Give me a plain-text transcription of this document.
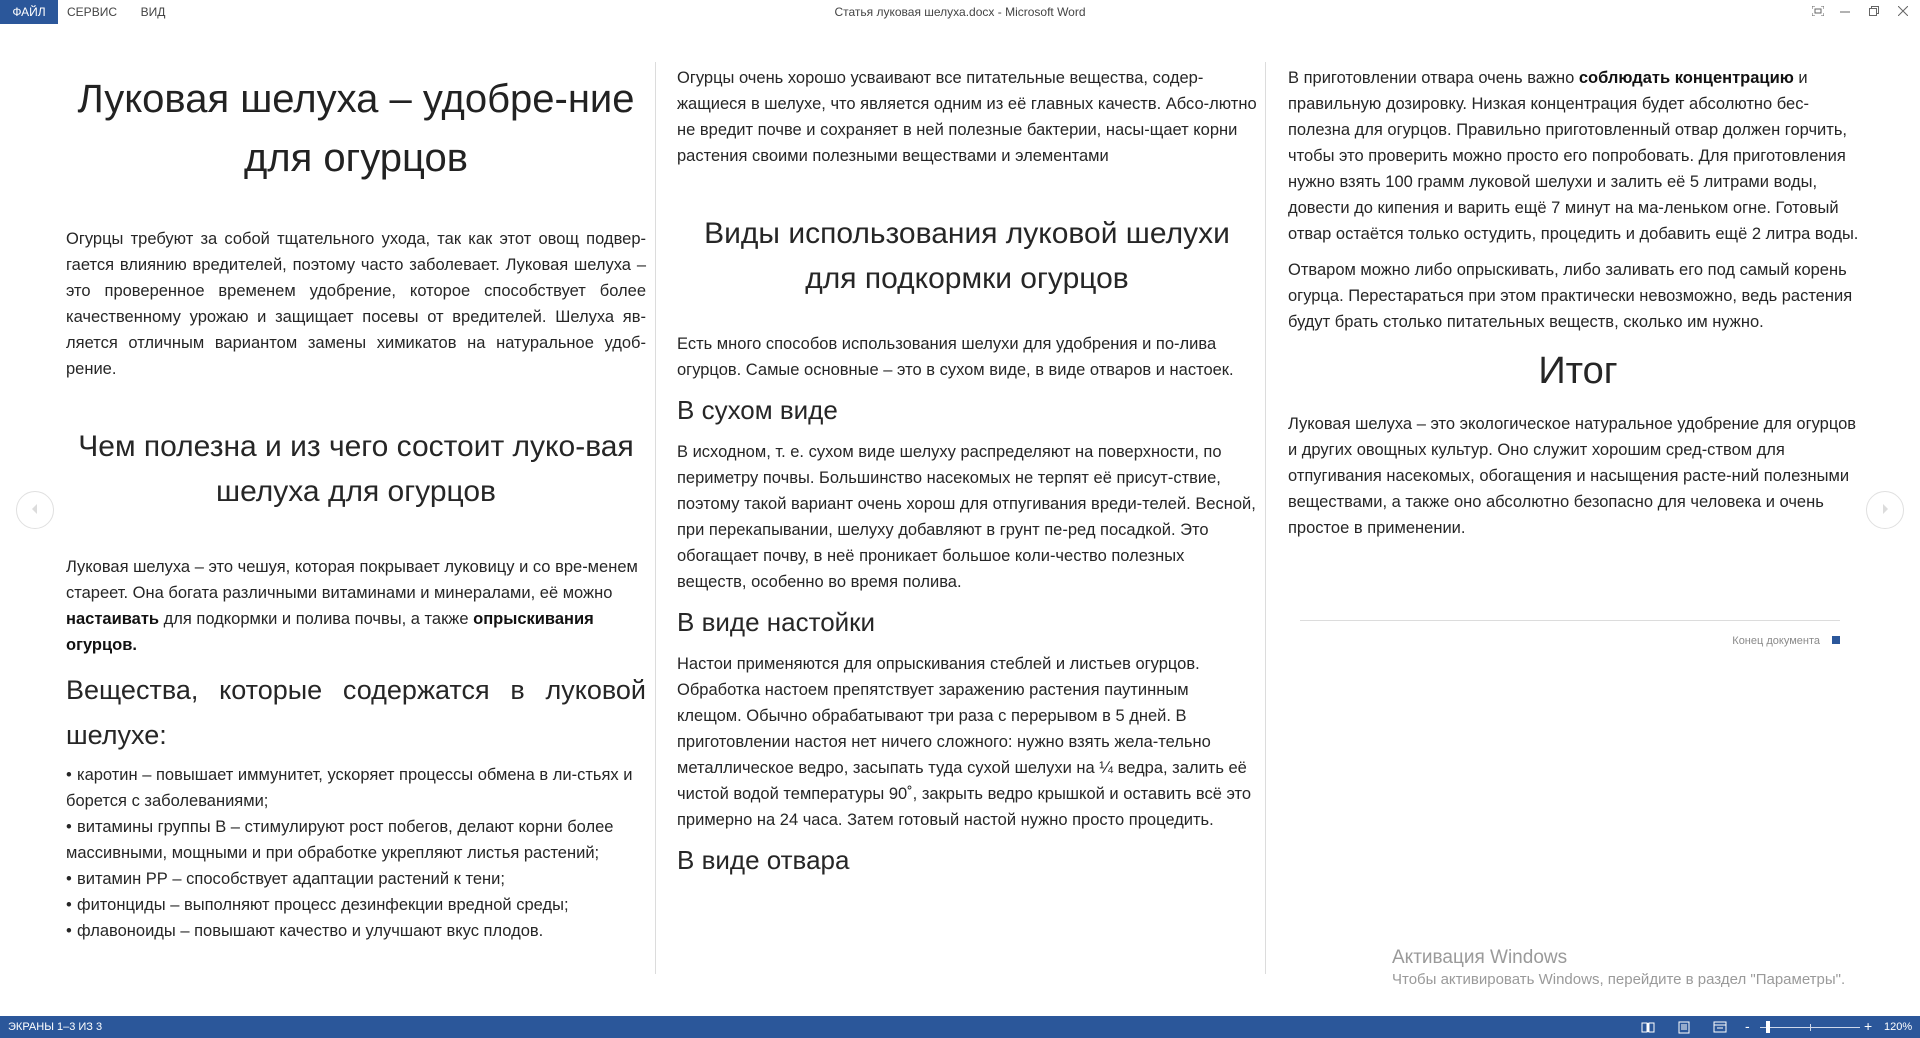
ФАЙЛ	СЕРВИС	ВИД	Статья луковая шелуха.docx - Microsoft Word
Луковая шелуха – удобре-ние для огурцов

Огурцы требуют за собой тщательного ухода, так как этот овощ подвер-гается влиянию вредителей, поэтому часто заболевает. Луковая шелуха – это проверенное временем удобрение, которое способствует более качественному урожаю и защищает посевы от вредителей. Шелуха яв-ляется отличным вариантом замены химикатов на натуральное удоб-рение.

Чем полезна и из чего состоит луко-вая шелуха для огурцов

Луковая шелуха – это чешуя, которая покрывает луковицу и со вре-менем стареет. Она богата различными витаминами и минералами, её можно настаивать для подкормки и полива почвы, а также опрыскивания огурцов.

Вещества, которые содержатся в луковой шелухе:

• каротин – повышает иммунитет, ускоряет процессы обмена в ли-стьях и борется с заболеваниями;

• витамины группы В – стимулируют рост побегов, делают корни более массивными, мощными и при обработке укрепляют листья растений;

• витамин РР – способствует адаптации растений к тени;

• фитонциды – выполняют процесс дезинфекции вредной среды;

• флавоноиды – повышают качество и улучшают вкус плодов.

Огурцы очень хорошо усваивают все питательные вещества, содер-жащиеся в шелухе, что является одним из её главных качеств. Абсо-лютно не вредит почве и сохраняет в ней полезные бактерии, насы-щает корни растения своими полезными веществами и элементами

Виды использования луковой шелухи для подкормки огурцов

Есть много способов использования шелухи для удобрения и по-лива огурцов. Самые основные – это в сухом виде, в виде отваров и настоек.

В сухом виде

В исходном, т. е. сухом виде шелуху распределяют на поверхности, по периметру почвы. Большинство насекомых не терпят её присут-ствие, поэтому такой вариант очень хорош для отпугивания вреди-телей. Весной, при перекапывании, шелуху добавляют в грунт пе-ред посадкой. Это обогащает почву, в неё проникает большое коли-чество полезных веществ, особенно во время полива.

В виде настойки

Настои применяются для опрыскивания стеблей и листьев огурцов. Обработка настоем препятствует заражению растения паутинным клещом. Обычно обрабатывают три раза с перерывом в 5 дней. В приготовлении настоя нет ничего сложного: нужно взять жела-тельно металлическое ведро, засыпать туда сухой шелухи на ¼ ведра, залить её чистой водой температуры 90˚, закрыть ведро крышкой и оставить всё это примерно на 24 часа. Затем готовый настой нужно просто процедить.

В виде отвара

В приготовлении отвара очень важно соблюдать концентрацию и правильную дозировку. Низкая концентрация будет абсолютно бес-полезна для огурцов. Правильно приготовленный отвар должен горчить, чтобы это проверить можно просто его попробовать. Для приготовления нужно взять 100 грамм луковой шелухи и залить её 5 литрами воды, довести до кипения и варить ещё 7 минут на ма-леньком огне. Готовый отвар остаётся только остудить, процедить и добавить ещё 2 литра воды.

Отваром можно либо опрыскивать, либо заливать его под самый корень огурца. Перестараться при этом практически невозможно, ведь растения будут брать столько питательных веществ, сколько им нужно.

Итог

Луковая шелуха – это экологическое натуральное удобрение для огурцов и других овощных культур. Оно служит хорошим сред-ством для отпугивания насекомых, обогащения и насыщения расте-ний полезными веществами, а также оно абсолютно безопасно для человека и очень простое в применении.

Конец документа
Активация Windows
Чтобы активировать Windows, перейдите в раздел "Параметры".
ЭКРАНЫ 1–3 ИЗ 3	-	+ 120%
